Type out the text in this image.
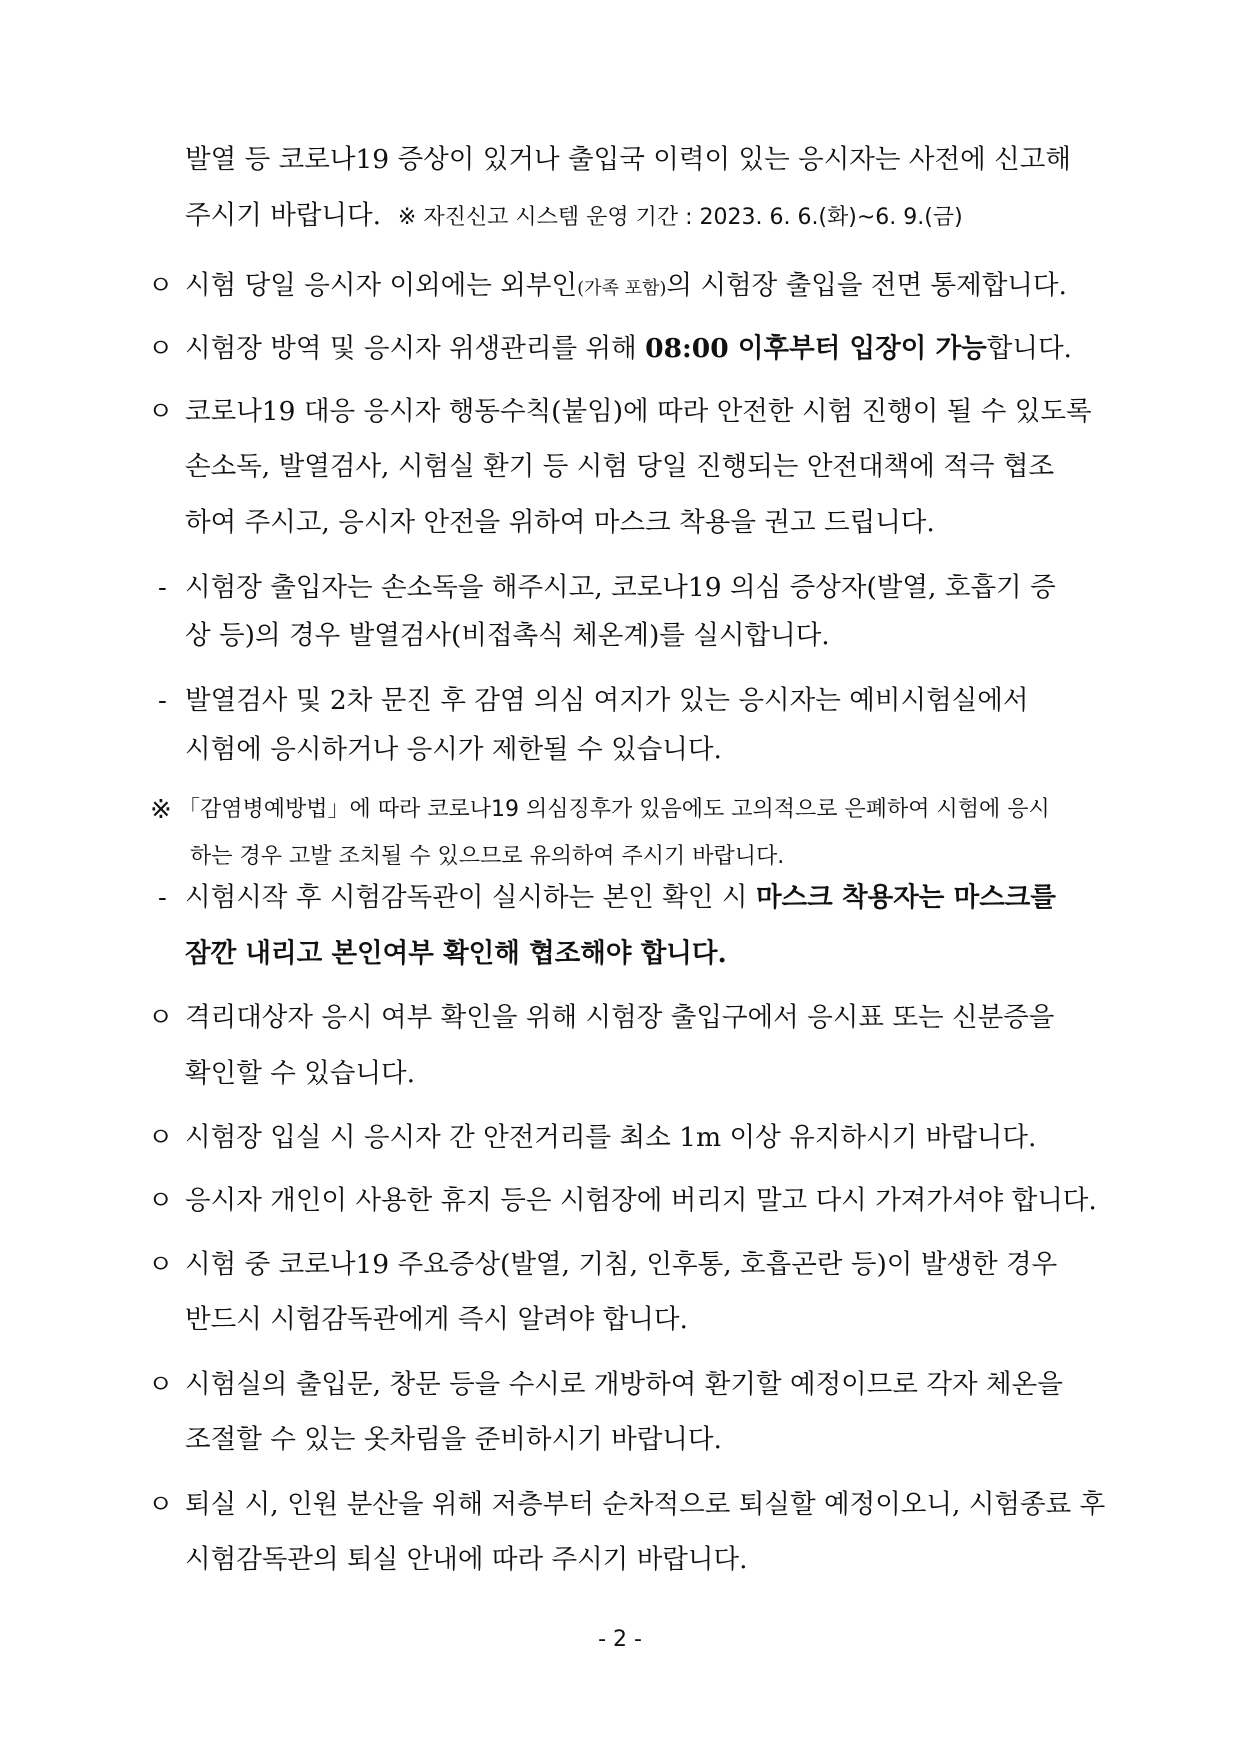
발열 등 코로나19 증상이 있거나 출입국 이력이 있는 응시자는 사전에 신고해
주시기 바랍니다. ※ 자진신고 시스템 운영 기간 : 2023. 6. 6.(화)~6. 9.(금)
ㅇ 시험 당일 응시자 이외에는 외부인(가족 포함)의 시험장 출입을 전면 통제합니다.
ㅇ 시험장 방역 및 응시자 위생관리를 위해 08:00 이후부터 입장이 가능합니다.
ㅇ 코로나19 대응 응시자 행동수칙(붙임)에 따라 안전한 시험 진행이 될 수 있도록
손소독, 발열검사, 시험실 환기 등 시험 당일 진행되는 안전대책에 적극 협조
하여 주시고, 응시자 안전을 위하여 마스크 착용을 권고 드립니다.
- 시험장 출입자는 손소독을 해주시고, 코로나19 의심 증상자(발열, 호흡기 증
상 등)의 경우 발열검사(비접촉식 체온계)를 실시합니다.
- 발열검사 및 2차 문진 후 감염 의심 여지가 있는 응시자는 예비시험실에서
시험에 응시하거나 응시가 제한될 수 있습니다.
※ 「감염병예방법」에 따라 코로나19 의심징후가 있음에도 고의적으로 은폐하여 시험에 응시
하는 경우 고발 조치될 수 있으므로 유의하여 주시기 바랍니다.
- 시험시작 후 시험감독관이 실시하는 본인 확인 시 마스크 착용자는 마스크를
잠깐 내리고 본인여부 확인해 협조해야 합니다.
ㅇ 격리대상자 응시 여부 확인을 위해 시험장 출입구에서 응시표 또는 신분증을
확인할 수 있습니다.
ㅇ 시험장 입실 시 응시자 간 안전거리를 최소 1m 이상 유지하시기 바랍니다.
ㅇ 응시자 개인이 사용한 휴지 등은 시험장에 버리지 말고 다시 가져가셔야 합니다.
ㅇ 시험 중 코로나19 주요증상(발열, 기침, 인후통, 호흡곤란 등)이 발생한 경우
반드시 시험감독관에게 즉시 알려야 합니다.
ㅇ 시험실의 출입문, 창문 등을 수시로 개방하여 환기할 예정이므로 각자 체온을
조절할 수 있는 옷차림을 준비하시기 바랍니다.
ㅇ 퇴실 시, 인원 분산을 위해 저층부터 순차적으로 퇴실할 예정이오니, 시험종료 후
시험감독관의 퇴실 안내에 따라 주시기 바랍니다.
- 2 -
